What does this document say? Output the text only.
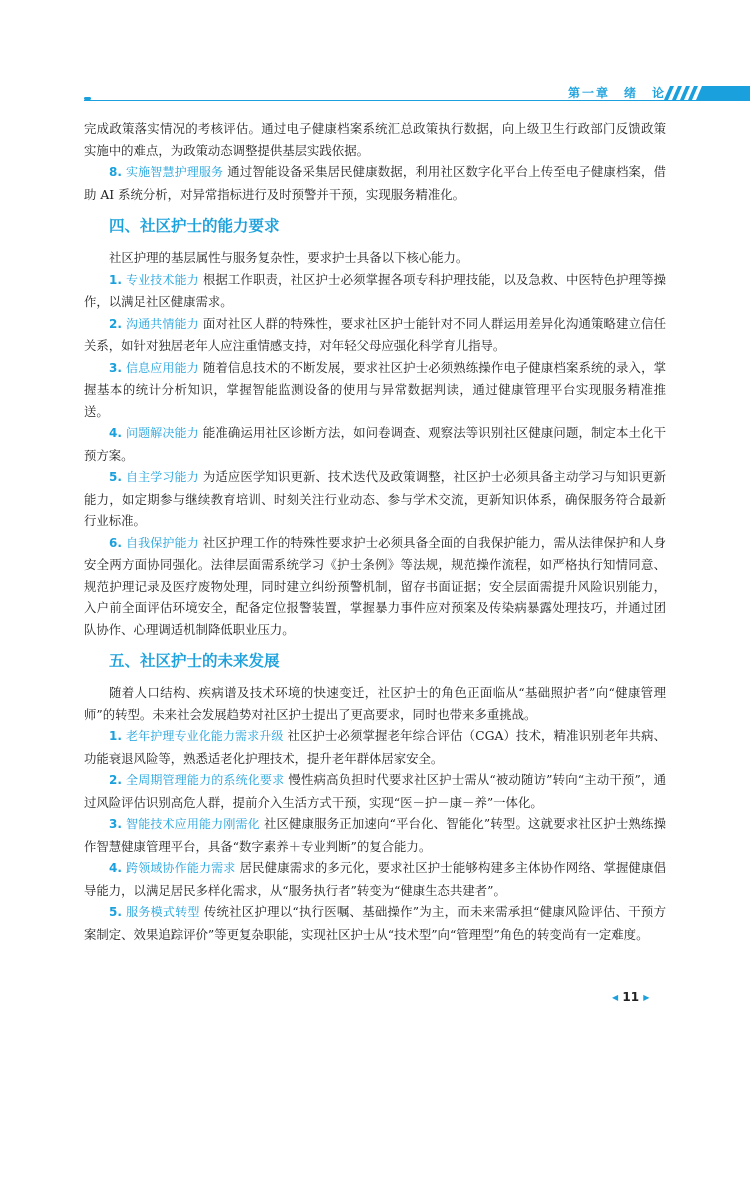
第一章　绪　论

完成政策落实情况的考核评估。通过电子健康档案系统汇总政策执行数据，向上级卫生行政部门反馈政策实施中的难点，为政策动态调整提供基层实践依据。

8. 实施智慧护理服务 通过智能设备采集居民健康数据，利用社区数字化平台上传至电子健康档案，借助 AI 系统分析，对异常指标进行及时预警并干预，实现服务精准化。

四、社区护士的能力要求

社区护理的基层属性与服务复杂性，要求护士具备以下核心能力。

1. 专业技术能力 根据工作职责，社区护士必须掌握各项专科护理技能，以及急救、中医特色护理等操作，以满足社区健康需求。

2. 沟通共情能力 面对社区人群的特殊性，要求社区护士能针对不同人群运用差异化沟通策略建立信任关系，如针对独居老年人应注重情感支持，对年轻父母应强化科学育儿指导。

3. 信息应用能力 随着信息技术的不断发展，要求社区护士必须熟练操作电子健康档案系统的录入，掌握基本的统计分析知识，掌握智能监测设备的使用与异常数据判读，通过健康管理平台实现服务精准推送。

4. 问题解决能力 能准确运用社区诊断方法，如问卷调查、观察法等识别社区健康问题，制定本土化干预方案。

5. 自主学习能力 为适应医学知识更新、技术迭代及政策调整，社区护士必须具备主动学习与知识更新能力，如定期参与继续教育培训、时刻关注行业动态、参与学术交流，更新知识体系，确保服务符合最新行业标准。

6. 自我保护能力 社区护理工作的特殊性要求护士必须具备全面的自我保护能力，需从法律保护和人身安全两方面协同强化。法律层面需系统学习《护士条例》等法规，规范操作流程，如严格执行知情同意、规范护理记录及医疗废物处理，同时建立纠纷预警机制，留存书面证据；安全层面需提升风险识别能力，入户前全面评估环境安全，配备定位报警装置，掌握暴力事件应对预案及传染病暴露处理技巧，并通过团队协作、心理调适机制降低职业压力。

五、社区护士的未来发展

随着人口结构、疾病谱及技术环境的快速变迁，社区护士的角色正面临从“基础照护者”向“健康管理师”的转型。未来社会发展趋势对社区护士提出了更高要求，同时也带来多重挑战。

1. 老年护理专业化能力需求升级 社区护士必须掌握老年综合评估（CGA）技术，精准识别老年共病、功能衰退风险等，熟悉适老化护理技术，提升老年群体居家安全。

2. 全周期管理能力的系统化要求 慢性病高负担时代要求社区护士需从“被动随访”转向“主动干预”，通过风险评估识别高危人群，提前介入生活方式干预，实现“医－护－康－养”一体化。

3. 智能技术应用能力刚需化 社区健康服务正加速向“平台化、智能化”转型。这就要求社区护士熟练操作智慧健康管理平台，具备“数字素养＋专业判断”的复合能力。

4. 跨领域协作能力需求 居民健康需求的多元化，要求社区护士能够构建多主体协作网络、掌握健康倡导能力，以满足居民多样化需求，从“服务执行者”转变为“健康生态共建者”。

5. 服务模式转型 传统社区护理以“执行医嘱、基础操作”为主，而未来需承担“健康风险评估、干预方案制定、效果追踪评价”等更复杂职能，实现社区护士从“技术型”向“管理型”角色的转变尚有一定难度。

◀ 11 ▶
